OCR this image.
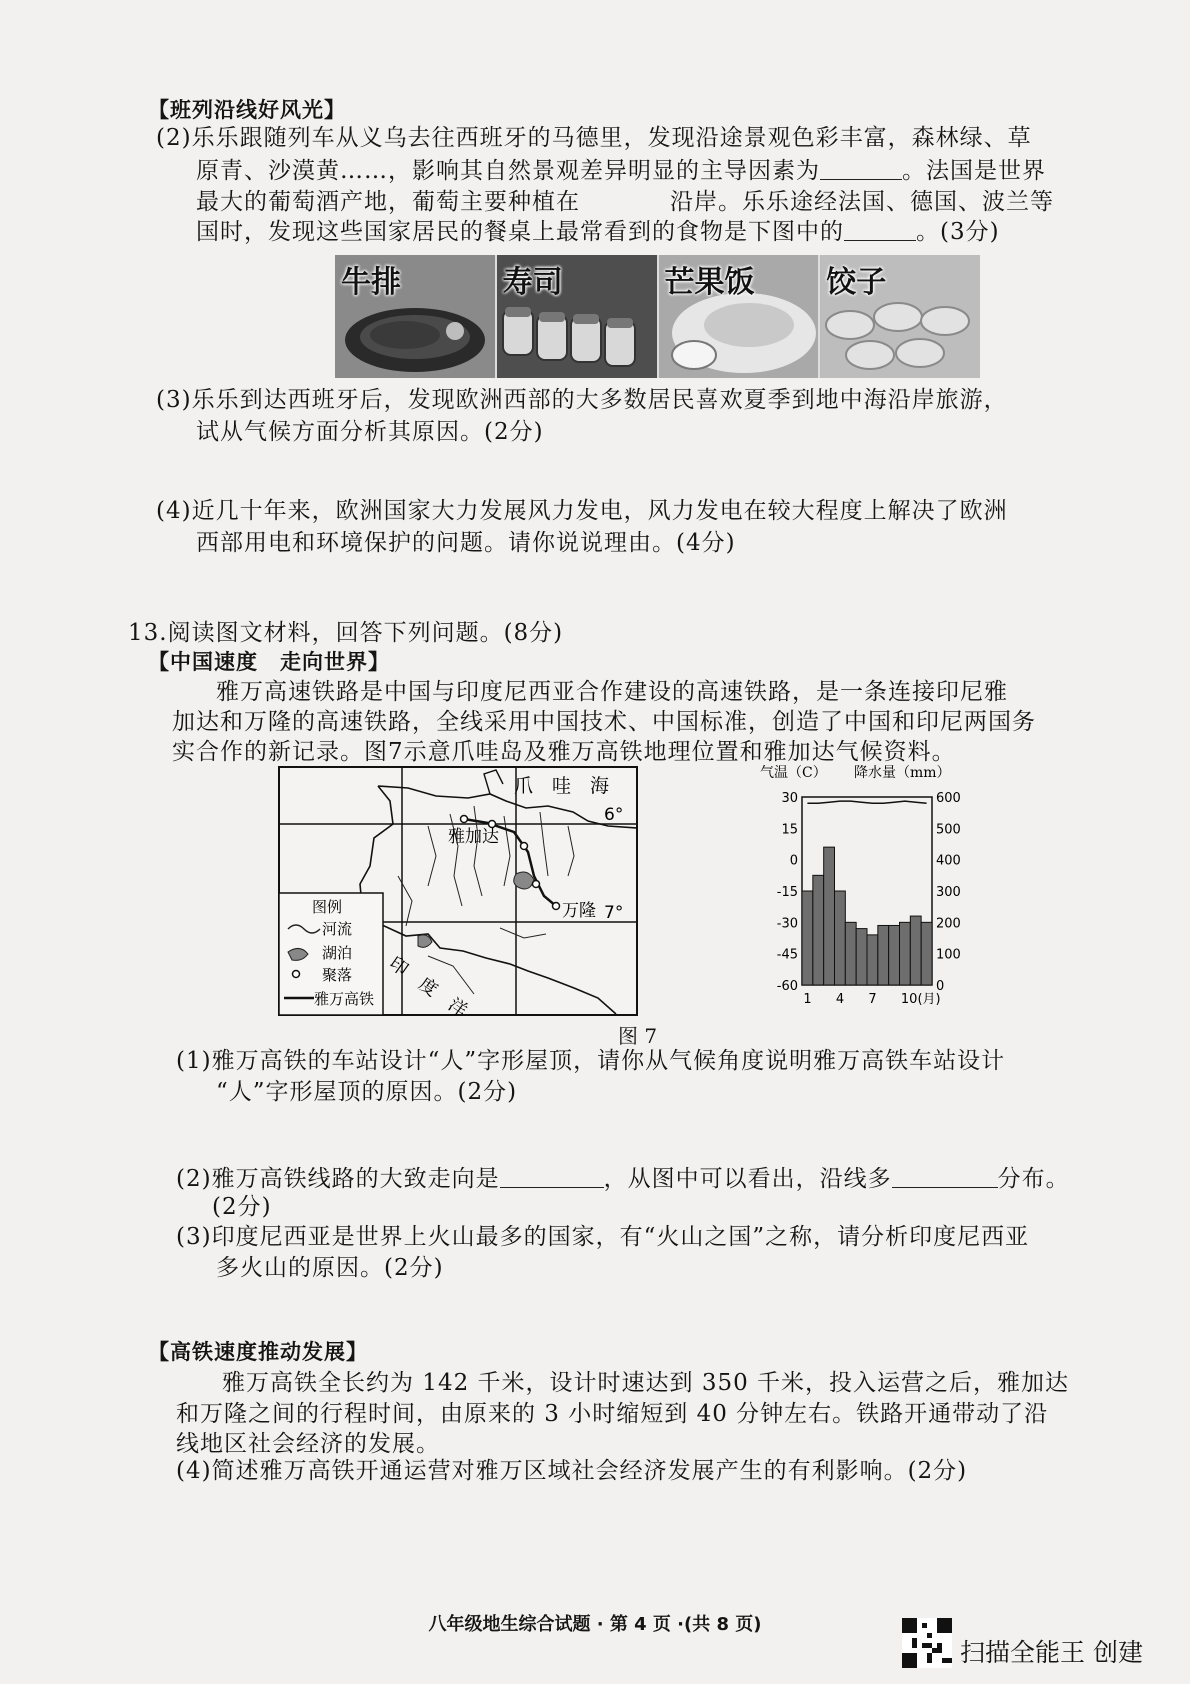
【班列沿线好风光】
(2)乐乐跟随列车从义乌去往西班牙的马德里，发现沿途景观色彩丰富，森林绿、草
原青、沙漠黄……，影响其自然景观差异明显的主导因素为	。法国是世界
最大的葡萄酒产地，葡萄主要种植在	沿岸。乐乐途经法国、德国、波兰等
国时，发现这些国家居民的餐桌上最常看到的食物是下图中的	。(3分)
牛排	寿司	芒果饭 饺子
(3)乐乐到达西班牙后，发现欧洲西部的大多数居民喜欢夏季到地中海沿岸旅游，
试从气候方面分析其原因。(2分)
(4)近几十年来，欧洲国家大力发展风力发电，风力发电在较大程度上解决了欧洲
西部用电和环境保护的问题。请你说说理由。(4分)
13.阅读图文材料，回答下列问题。(8分)
【中国速度　走向世界】
雅万高速铁路是中国与印度尼西亚合作建设的高速铁路，是一条连接印尼雅
加达和万隆的高速铁路，全线采用中国技术、中国标准，创造了中国和印尼两国务
实合作的新记录。图7示意爪哇岛及雅万高铁地理位置和雅加达气候资料。
6°
7°
爪　哇　海
雅加达
万隆
印　度　洋
图例
河流
湖泊
聚落
雅万高铁
气温（C） 降水量（mm）
30
15
0
-15
-30
-45
-60
600
500
400
300
200
100
0
1 4 7 10(月)
图 7
(1)雅万高铁的车站设计“人”字形屋顶，请你从气候角度说明雅万高铁车站设计
“人”字形屋顶的原因。(2分)
(2)雅万高铁线路的大致走向是	，从图中可以看出，沿线多	分布。
(2分)
(3)印度尼西亚是世界上火山最多的国家，有“火山之国”之称，请分析印度尼西亚
多火山的原因。(2分)
【高铁速度推动发展】
雅万高铁全长约为 142 千米，设计时速达到 350 千米，投入运营之后，雅加达
和万隆之间的行程时间，由原来的 3 小时缩短到 40 分钟左右。铁路开通带动了沿
线地区社会经济的发展。
(4)简述雅万高铁开通运营对雅万区域社会经济发展产生的有利影响。(2分)
八年级地生综合试题 · 第 4 页 ·(共 8 页)
扫描全能王 创建
